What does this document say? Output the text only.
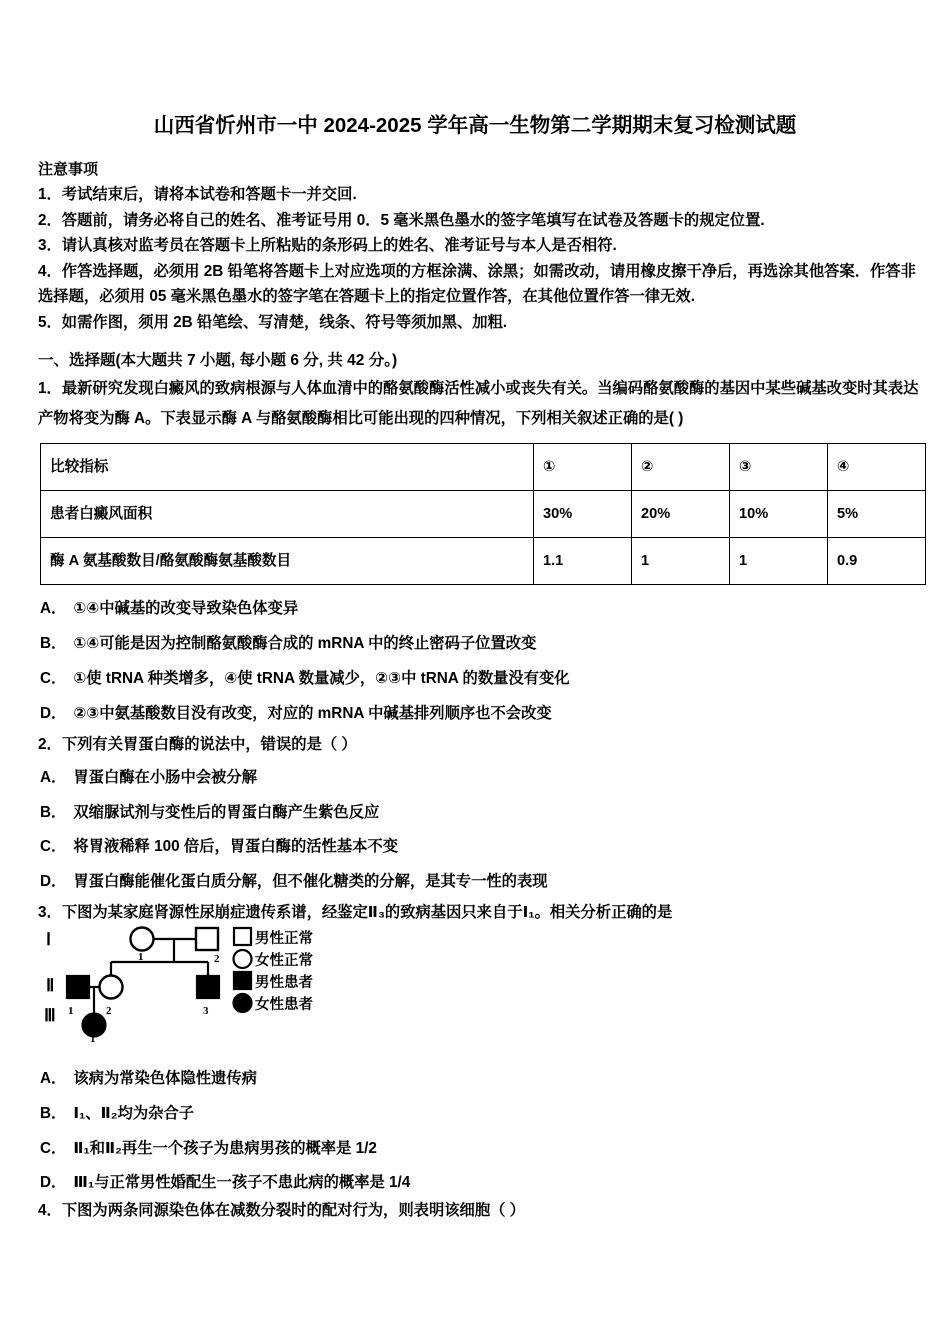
山西省忻州市一中 2024-2025 学年高一生物第二学期期末复习检测试题
注意事项
1．考试结束后，请将本试卷和答题卡一并交回.
2．答题前，请务必将自己的姓名、准考证号用 0．5 毫米黑色墨水的签字笔填写在试卷及答题卡的规定位置.
3．请认真核对监考员在答题卡上所粘贴的条形码上的姓名、准考证号与本人是否相符.
4．作答选择题，必须用 2B 铅笔将答题卡上对应选项的方框涂满、涂黑；如需改动，请用橡皮擦干净后，再选涂其他答案．作答非选择题，必须用 05 毫米黑色墨水的签字笔在答题卡上的指定位置作答，在其他位置作答一律无效.
5．如需作图，须用 2B 铅笔绘、写清楚，线条、符号等须加黑、加粗.
一、选择题(本大题共 7 小题, 每小题 6 分, 共 42 分。)
1．最新研究发现白癜风的致病根源与人体血清中的酪氨酸酶活性减小或丧失有关。当编码酪氨酸酶的基因中某些碱基改变时其表达产物将变为酶 A。下表显示酶 A 与酪氨酸酶相比可能出现的四种情况，下列相关叙述正确的是( )
比较指标	①	②	③	④
患者白癜风面积	30%	20%	10%	5%
酶 A 氨基酸数目/酪氨酸酶氨基酸数目	1.1	1	1	0.9
A． ①④中碱基的改变导致染色体变异
B． ①④可能是因为控制酪氨酸酶合成的 mRNA 中的终止密码子位置改变
C． ①使 tRNA 种类增多，④使 tRNA 数量减少，②③中 tRNA 的数量没有变化
D． ②③中氨基酸数目没有改变，对应的 mRNA 中碱基排列顺序也不会改变
2．下列有关胃蛋白酶的说法中，错误的是（ ）
A． 胃蛋白酶在小肠中会被分解
B． 双缩脲试剂与变性后的胃蛋白酶产生紫色反应
C． 将胃液稀释 100 倍后，胃蛋白酶的活性基本不变
D． 胃蛋白酶能催化蛋白质分解，但不催化糖类的分解，是其专一性的表现
3．下图为某家庭肾源性尿崩症遗传系谱，经鉴定Ⅱ₃的致病基因只来自于Ⅰ₁。相关分析正确的是
Ⅰ
Ⅱ
Ⅲ
1	2
1	2	3
1
男性正常
女性正常
男性患者
女性患者
A． 该病为常染色体隐性遗传病
B． Ⅰ₁、Ⅱ₂均为杂合子
C． Ⅱ₁和Ⅱ₂再生一个孩子为患病男孩的概率是 1/2
D． Ⅲ₁与正常男性婚配生一孩子不患此病的概率是 1/4
4．下图为两条同源染色体在减数分裂时的配对行为，则表明该细胞（ ）
